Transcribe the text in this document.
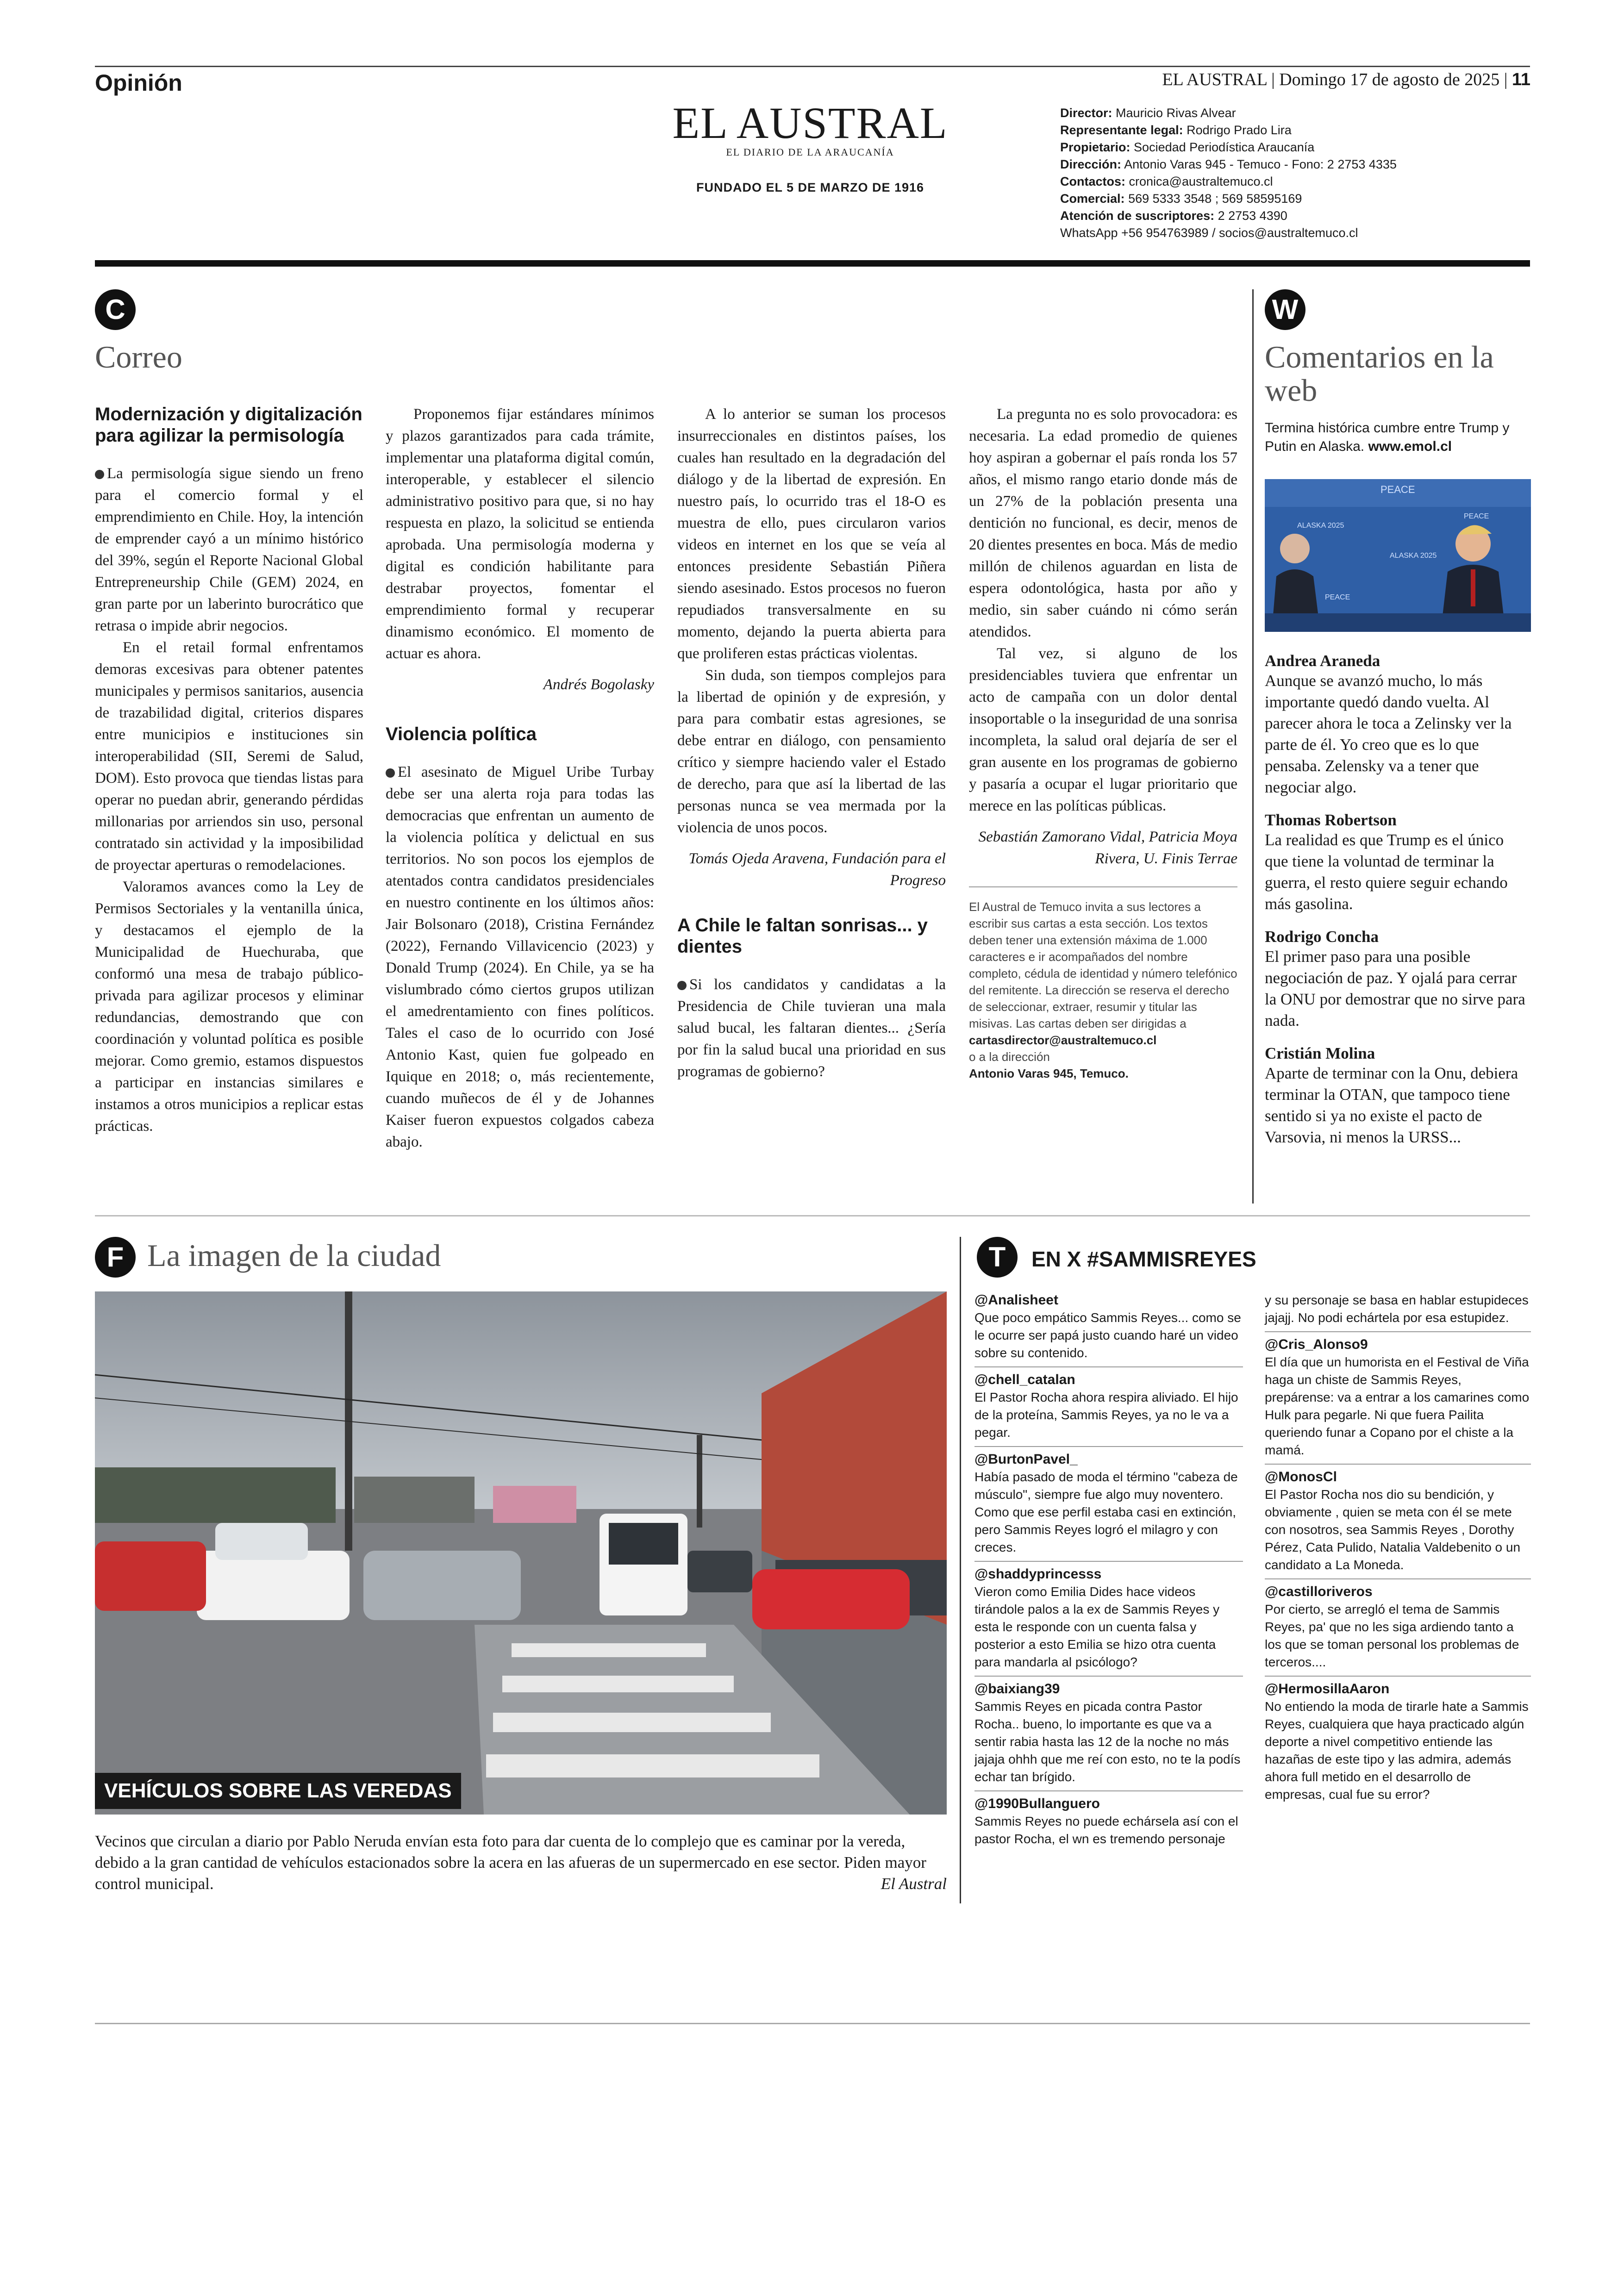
Opinión	EL AUSTRAL | Domingo 17 de agosto de 2025 | 11
EL AUSTRAL
EL DIARIO DE LA ARAUCANÍA
FUNDADO EL 5 DE MARZO DE 1916
Director: Mauricio Rivas Alvear
Representante legal: Rodrigo Prado Lira
Propietario: Sociedad Periodística Araucanía
Dirección: Antonio Varas 945 - Temuco - Fono: 2 2753 4335
Contactos: cronica@australtemuco.cl
Comercial: 569 5333 3548 ; 569 58595169
Atención de suscriptores: 2 2753 4390
WhatsApp +56 954763989 / socios@australtemuco.cl
C
Correo
Modernización y digitalización para agilizar la permisología

La permisología sigue siendo un freno para el comercio formal y el emprendimiento en Chile. Hoy, la intención de emprender cayó a un mínimo histórico del 39%, según el Reporte Nacional Global Entrepreneurship Chile (GEM) 2024, en gran parte por un laberinto burocrático que retrasa o impide abrir negocios.

En el retail formal enfrentamos demoras excesivas para obtener patentes municipales y permisos sanitarios, ausencia de trazabilidad digital, criterios dispares entre municipios e instituciones sin interoperabilidad (SII, Seremi de Salud, DOM). Esto provoca que tiendas listas para operar no puedan abrir, generando pérdidas millonarias por arriendos sin uso, personal contratado sin actividad y la imposibilidad de proyectar aperturas o remodelaciones.

Valoramos avances como la Ley de Permisos Sectoriales y la ventanilla única, y destacamos el ejemplo de la Municipalidad de Huechuraba, que conformó una mesa de trabajo público-privada para agilizar procesos y eliminar redundancias, demostrando que con coordinación y voluntad política es posible mejorar. Como gremio, estamos dispuestos a participar en instancias similares e instamos a otros municipios a replicar estas prácticas.

Proponemos fijar estándares mínimos y plazos garantizados para cada trámite, implementar una plataforma digital común, interoperable, y establecer el silencio administrativo positivo para que, si no hay respuesta en plazo, la solicitud se entienda aprobada. Una permisología moderna y digital es condición habilitante para destrabar proyectos, fomentar el emprendimiento formal y recuperar dinamismo económico. El momento de actuar es ahora.

Andrés Bogolasky
Violencia política

El asesinato de Miguel Uribe Turbay debe ser una alerta roja para todas las democracias que enfrentan un aumento de la violencia política y delictual en sus territorios. No son pocos los ejemplos de atentados contra candidatos presidenciales en nuestro continente en los últimos años: Jair Bolsonaro (2018), Cristina Fernández (2022), Fernando Villavicencio (2023) y Donald Trump (2024). En Chile, ya se ha vislumbrado cómo ciertos grupos utilizan el amedrentamiento con fines políticos. Tales el caso de lo ocurrido con José Antonio Kast, quien fue golpeado en Iquique en 2018; o, más recientemente, cuando muñecos de él y de Johannes Kaiser fueron expuestos colgados cabeza abajo.

A lo anterior se suman los procesos insurreccionales en distintos países, los cuales han resultado en la degradación del diálogo y de la libertad de expresión. En nuestro país, lo ocurrido tras el 18-O es muestra de ello, pues circularon varios videos en internet en los que se veía al entonces presidente Sebastián Piñera siendo asesinado. Estos procesos no fueron repudiados transversalmente en su momento, dejando la puerta abierta para que proliferen estas prácticas violentas.

Sin duda, son tiempos complejos para la libertad de opinión y de expresión, y para para combatir estas agresiones, se debe entrar en diálogo, con pensamiento crítico y siempre haciendo valer el Estado de derecho, para que así la libertad de las personas nunca se vea mermada por la violencia de unos pocos.

Tomás Ojeda Aravena, Fundación para el Progreso
A Chile le faltan sonrisas... y dientes

Si los candidatos y candidatas a la Presidencia de Chile tuvieran una mala salud bucal, les faltaran dientes... ¿Sería por fin la salud bucal una prioridad en sus programas de gobierno?

La pregunta no es solo provocadora: es necesaria. La edad promedio de quienes hoy aspiran a gobernar el país ronda los 57 años, el mismo rango etario donde más de un 27% de la población presenta una dentición no funcional, es decir, menos de 20 dientes presentes en boca. Más de medio millón de chilenos aguardan en lista de espera odontológica, hasta por año y medio, sin saber cuándo ni cómo serán atendidos.

Tal vez, si alguno de los presidenciables tuviera que enfrentar un acto de campaña con un dolor dental insoportable o la inseguridad de una sonrisa incompleta, la salud oral dejaría de ser el gran ausente en los programas de gobierno y pasaría a ocupar el lugar prioritario que merece en las políticas públicas.

Sebastián Zamorano Vidal, Patricia Moya Rivera, U. Finis Terrae
El Austral de Temuco invita a sus lectores a escribir sus cartas a esta sección. Los textos deben tener una extensión máxima de 1.000 caracteres e ir acompañados del nombre completo, cédula de identidad y número telefónico del remitente. La dirección se reserva el derecho de seleccionar, extraer, resumir y titular las misivas. Las cartas deben ser dirigidas a
cartasdirector@australtemuco.cl
o a la dirección
Antonio Varas 945, Temuco.
W
Comentarios en la web
Termina histórica cumbre entre Trump y Putin en Alaska. www.emol.cl
PEACE
ALASKA 2025
ALASKA 2025
PEACE
PEACE
Andrea Araneda
Aunque se avanzó mucho, lo más importante quedó dando vuelta. Al parecer ahora le toca a Zelinsky ver la parte de él. Yo creo que es lo que pensaba. Zelensky va a tener que negociar algo.
Thomas Robertson
La realidad es que Trump es el único que tiene la voluntad de terminar la guerra, el resto quiere seguir echando más gasolina.
Rodrigo Concha
El primer paso para una posible negociación de paz. Y ojalá para cerrar la ONU por demostrar que no sirve para nada.
Cristián Molina
Aparte de terminar con la Onu, debiera terminar la OTAN, que tampoco tiene sentido si ya no existe el pacto de Varsovia, ni menos la URSS...
F La imagen de la ciudad
VEHÍCULOS SOBRE LAS VEREDAS
Vecinos que circulan a diario por Pablo Neruda envían esta foto para dar cuenta de lo complejo que es caminar por la vereda, debido a la gran cantidad de vehículos estacionados sobre la acera en las afueras de un supermercado en ese sector. Piden mayor control municipal.	El Austral
T	EN X #SAMMISREYES
@Analisheet
Que poco empático Sammis Reyes... como se le ocurre ser papá justo cuando haré un video sobre su contenido.
@chell_catalan
El Pastor Rocha ahora respira aliviado. El hijo de la proteína, Sammis Reyes, ya no le va a pegar.
@BurtonPavel_
Había pasado de moda el término "cabeza de músculo", siempre fue algo muy noventero. Como que ese perfil estaba casi en extinción, pero Sammis Reyes logró el milagro y con creces.
@shaddyprincesss
Vieron como Emilia Dides hace videos tirándole palos a la ex de Sammis Reyes y esta le responde con un cuenta falsa y posterior a esto Emilia se hizo otra cuenta para mandarla al psicólogo?
@baixiang39
Sammis Reyes en picada contra Pastor Rocha.. bueno, lo importante es que va a sentir rabia hasta las 12 de la noche no más jajaja ohhh que me reí con esto, no te la podís echar tan brígido.
@1990Bullanguero
Sammis Reyes no puede echársela así con el pastor Rocha, el wn es tremendo personaje
y su personaje se basa en hablar estupideces jajajj. No podi echártela por esa estupidez.
@Cris_Alonso9
El día que un humorista en el Festival de Viña haga un chiste de Sammis Reyes, prepárense: va a entrar a los camarines como Hulk para pegarle. Ni que fuera Pailita queriendo funar a Copano por el chiste a la mamá.
@MonosCl
El Pastor Rocha nos dio su bendición, y obviamente , quien se meta con él se mete con nosotros, sea Sammis Reyes , Dorothy Pérez, Cata Pulido, Natalia Valdebenito o un candidato a La Moneda.
@castilloriveros
Por cierto, se arregló el tema de Sammis Reyes, pa' que no les siga ardiendo tanto a los que se toman personal los problemas de terceros....
@HermosillaAaron
No entiendo la moda de tirarle hate a Sammis Reyes, cualquiera que haya practicado algún deporte a nivel competitivo entiende las hazañas de este tipo y las admira, además ahora full metido en el desarrollo de empresas, cual fue su error?
